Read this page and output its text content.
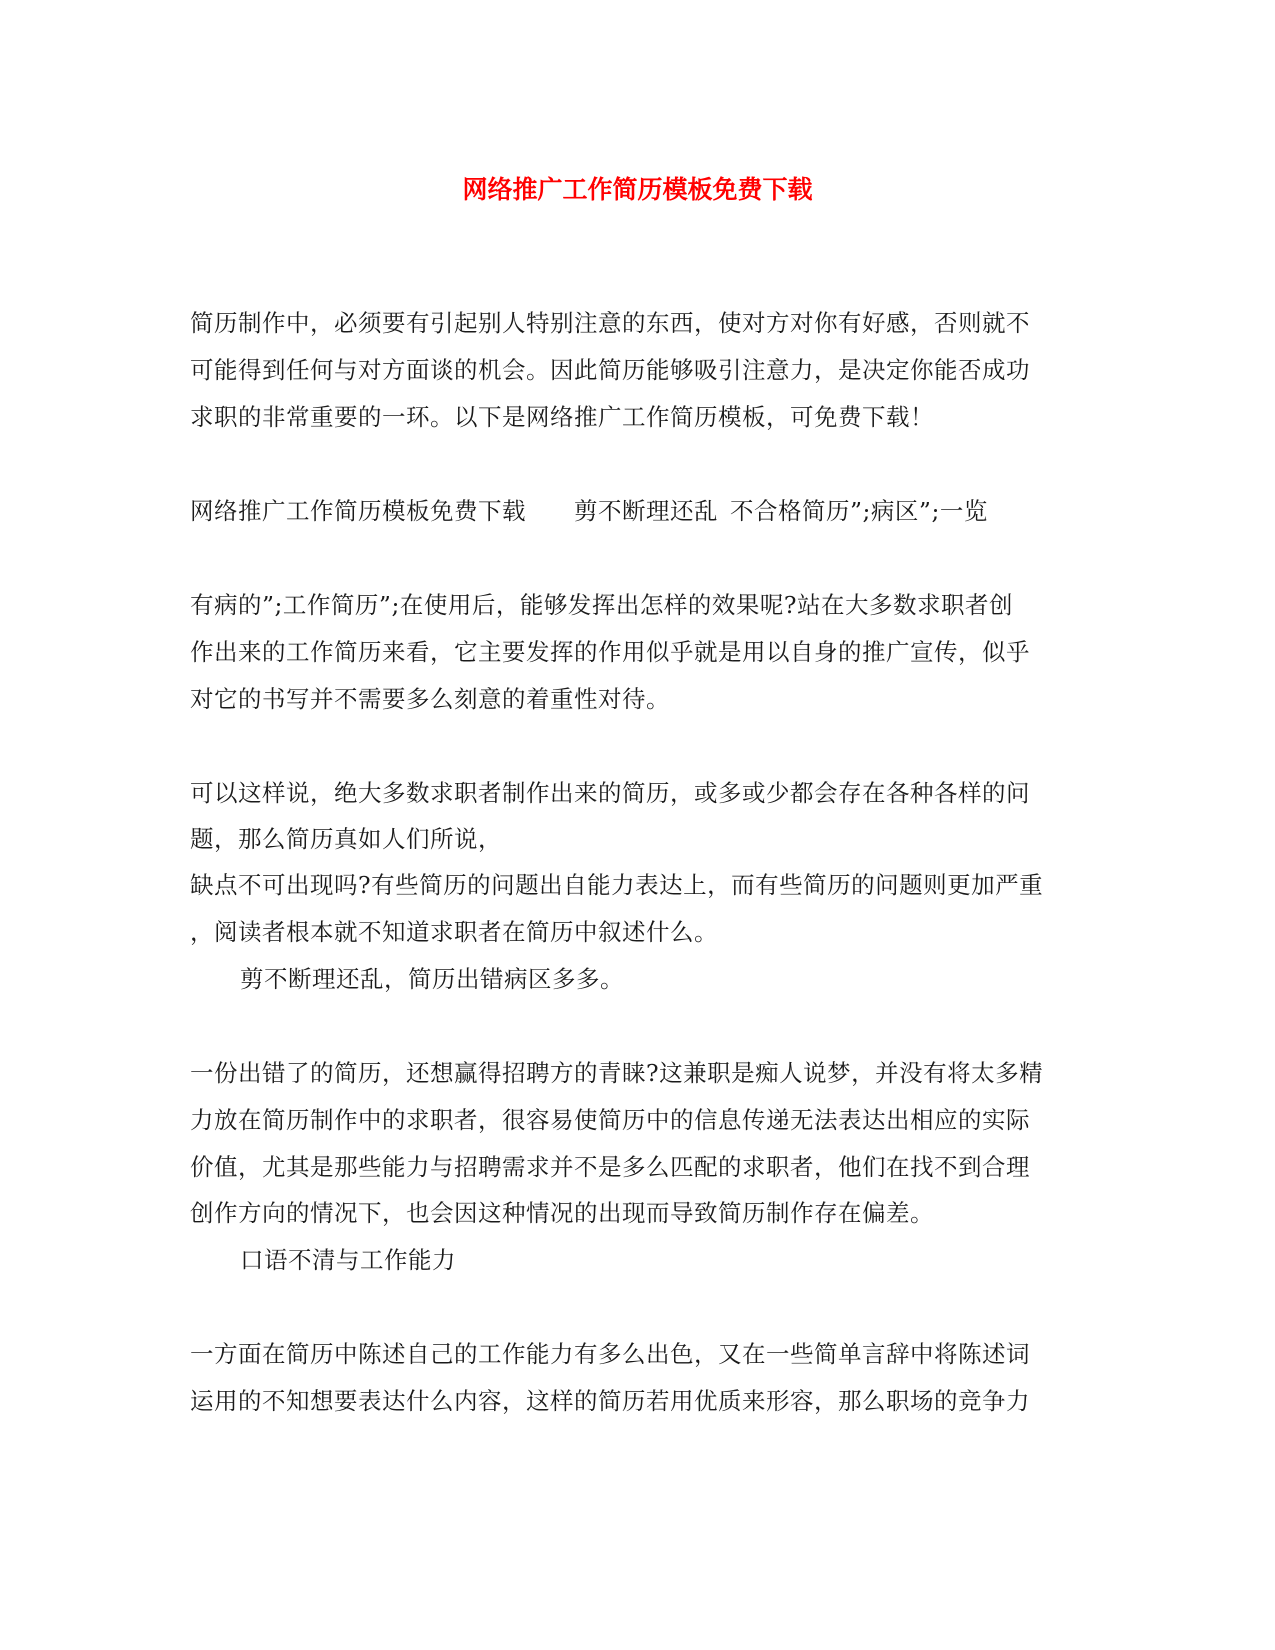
网络推广工作简历模板免费下载
简历制作中，必须要有引起别人特别注意的东西，使对方对你有好感，否则就不
可能得到任何与对方面谈的机会。因此简历能够吸引注意力，是决定你能否成功
求职的非常重要的一环。以下是网络推广工作简历模板，可免费下载！
网络推广工作简历模板免费下载 剪不断理还乱 不合格简历”;病区”;一览
有病的”;工作简历”;在使用后，能够发挥出怎样的效果呢?站在大多数求职者创
作出来的工作简历来看，它主要发挥的作用似乎就是用以自身的推广宣传，似乎
对它的书写并不需要多么刻意的着重性对待。
可以这样说，绝大多数求职者制作出来的简历，或多或少都会存在各种各样的问
题，那么简历真如人们所说，
缺点不可出现吗?有些简历的问题出自能力表达上，而有些简历的问题则更加严重
，阅读者根本就不知道求职者在简历中叙述什么。
剪不断理还乱，简历出错病区多多。
一份出错了的简历，还想赢得招聘方的青睐?这兼职是痴人说梦，并没有将太多精
力放在简历制作中的求职者，很容易使简历中的信息传递无法表达出相应的实际
价值，尤其是那些能力与招聘需求并不是多么匹配的求职者，他们在找不到合理
创作方向的情况下，也会因这种情况的出现而导致简历制作存在偏差。
口语不清与工作能力
一方面在简历中陈述自己的工作能力有多么出色，又在一些简单言辞中将陈述词
运用的不知想要表达什么内容，这样的简历若用优质来形容，那么职场的竞争力
